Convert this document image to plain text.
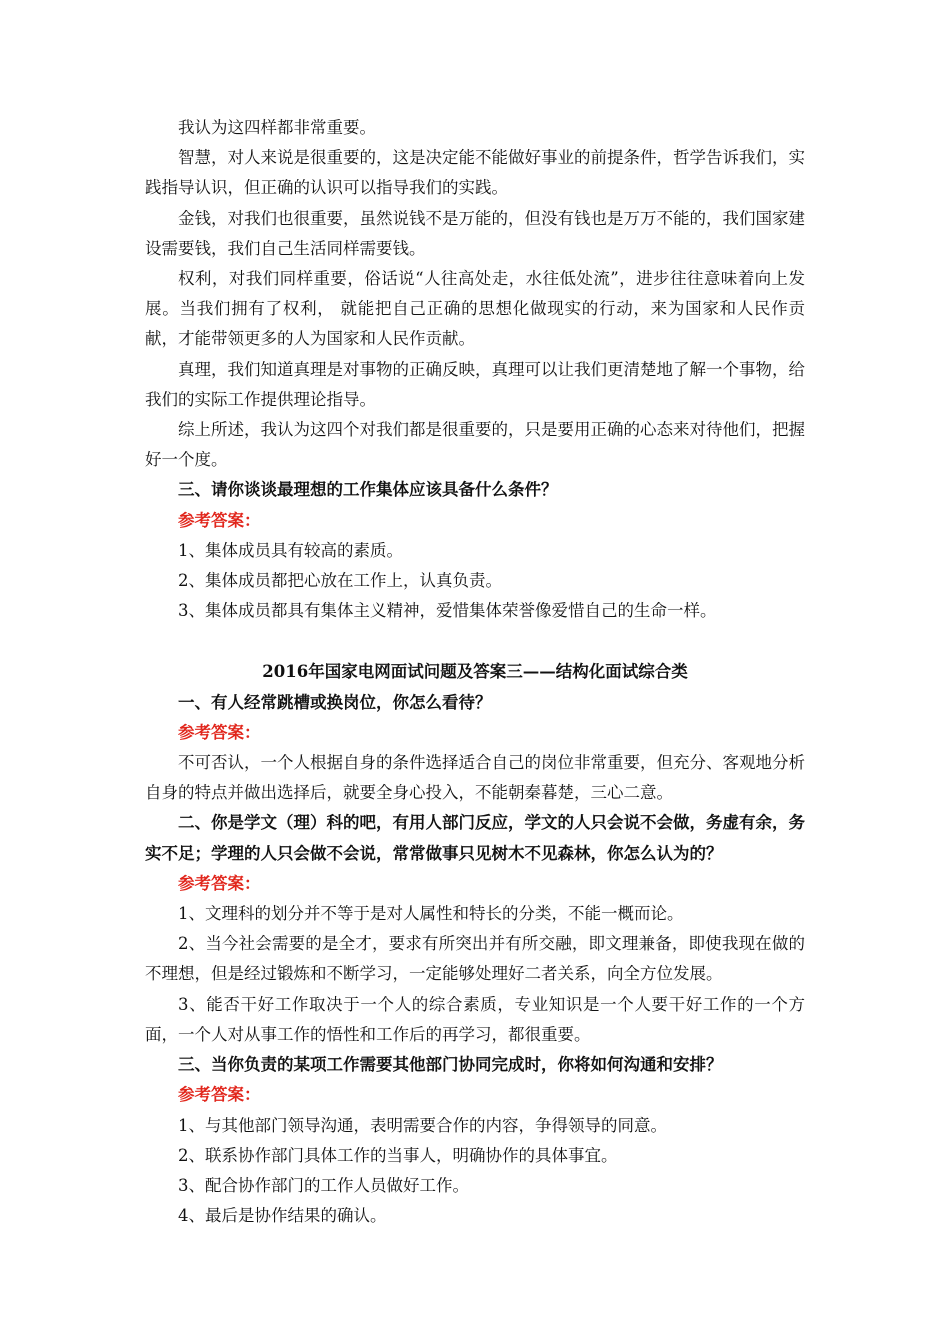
我认为这四样都非常重要。

智慧，对人来说是很重要的，这是决定能不能做好事业的前提条件，哲学告诉我们，实践指导认识，但正确的认识可以指导我们的实践。

金钱，对我们也很重要，虽然说钱不是万能的，但没有钱也是万万不能的，我们国家建设需要钱，我们自己生活同样需要钱。

权利，对我们同样重要，俗话说“人往高处走，水往低处流”，进步往往意味着向上发展。当我们拥有了权利， 就能把自己正确的思想化做现实的行动，来为国家和人民作贡献，才能带领更多的人为国家和人民作贡献。

真理，我们知道真理是对事物的正确反映，真理可以让我们更清楚地了解一个事物，给我们的实际工作提供理论指导。

综上所述，我认为这四个对我们都是很重要的，只是要用正确的心态来对待他们，把握好一个度。

三、请你谈谈最理想的工作集体应该具备什么条件？

参考答案：

1、集体成员具有较高的素质。

2、集体成员都把心放在工作上，认真负责。

3、集体成员都具有集体主义精神，爱惜集体荣誉像爱惜自己的生命一样。

2016年国家电网面试问题及答案三——结构化面试综合类

一、有人经常跳槽或换岗位，你怎么看待？

参考答案：

不可否认，一个人根据自身的条件选择适合自己的岗位非常重要，但充分、客观地分析自身的特点并做出选择后，就要全身心投入，不能朝秦暮楚，三心二意。

二、你是学文（理）科的吧，有用人部门反应，学文的人只会说不会做，务虚有余，务实不足；学理的人只会做不会说，常常做事只见树木不见森林，你怎么认为的？

参考答案：

1、文理科的划分并不等于是对人属性和特长的分类，不能一概而论。

2、当今社会需要的是全才，要求有所突出并有所交融，即文理兼备，即使我现在做的不理想，但是经过锻炼和不断学习，一定能够处理好二者关系，向全方位发展。

3、能否干好工作取决于一个人的综合素质，专业知识是一个人要干好工作的一个方面，一个人对从事工作的悟性和工作后的再学习，都很重要。

三、当你负责的某项工作需要其他部门协同完成时，你将如何沟通和安排？

参考答案：

1、与其他部门领导沟通，表明需要合作的内容，争得领导的同意。

2、联系协作部门具体工作的当事人，明确协作的具体事宜。

3、配合协作部门的工作人员做好工作。

4、最后是协作结果的确认。
